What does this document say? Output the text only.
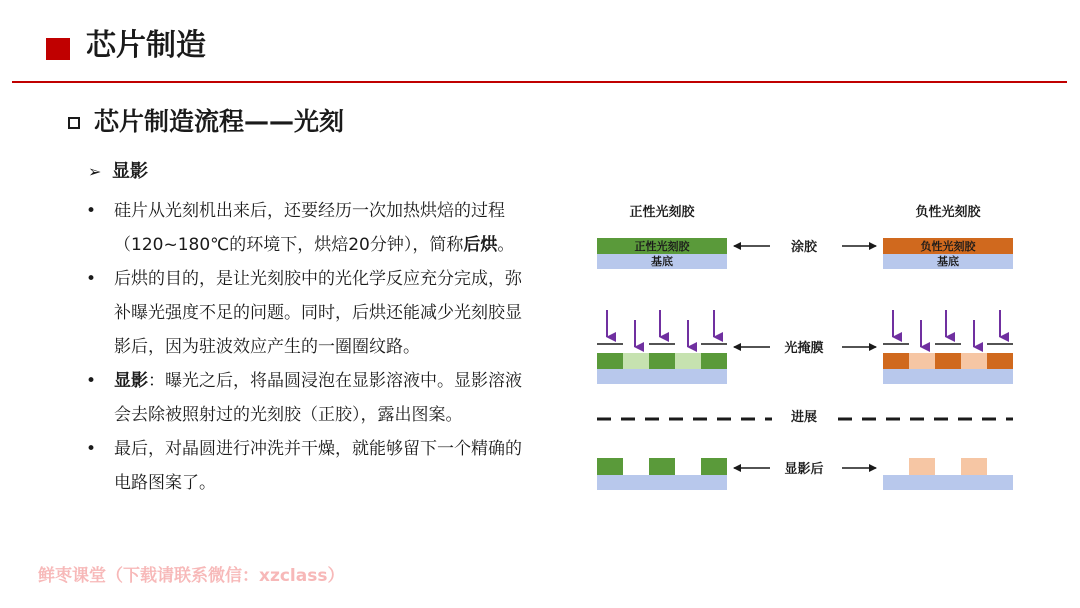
芯片制造
芯片制造流程——光刻
➢ 显影
• 硅片从光刻机出来后，还要经历一次加热烘焙的过程（120~180℃的环境下，烘焙20分钟），简称后烘。
• 后烘的目的，是让光刻胶中的光化学反应充分完成，弥补曝光强度不足的问题。同时，后烘还能减少光刻胶显影后，因为驻波效应产生的一圈圈纹路。
• 显影：曝光之后，将晶圆浸泡在显影溶液中。显影溶液会去除被照射过的光刻胶（正胶），露出图案。
• 最后，对晶圆进行冲洗并干燥，就能够留下一个精确的电路图案了。
正性光刻胶	负性光刻胶
正性光刻胶
基底
负性光刻胶
基底
涂胶
光掩膜
进展
显影后
鲜枣课堂（下载请联系微信：xzclass）
